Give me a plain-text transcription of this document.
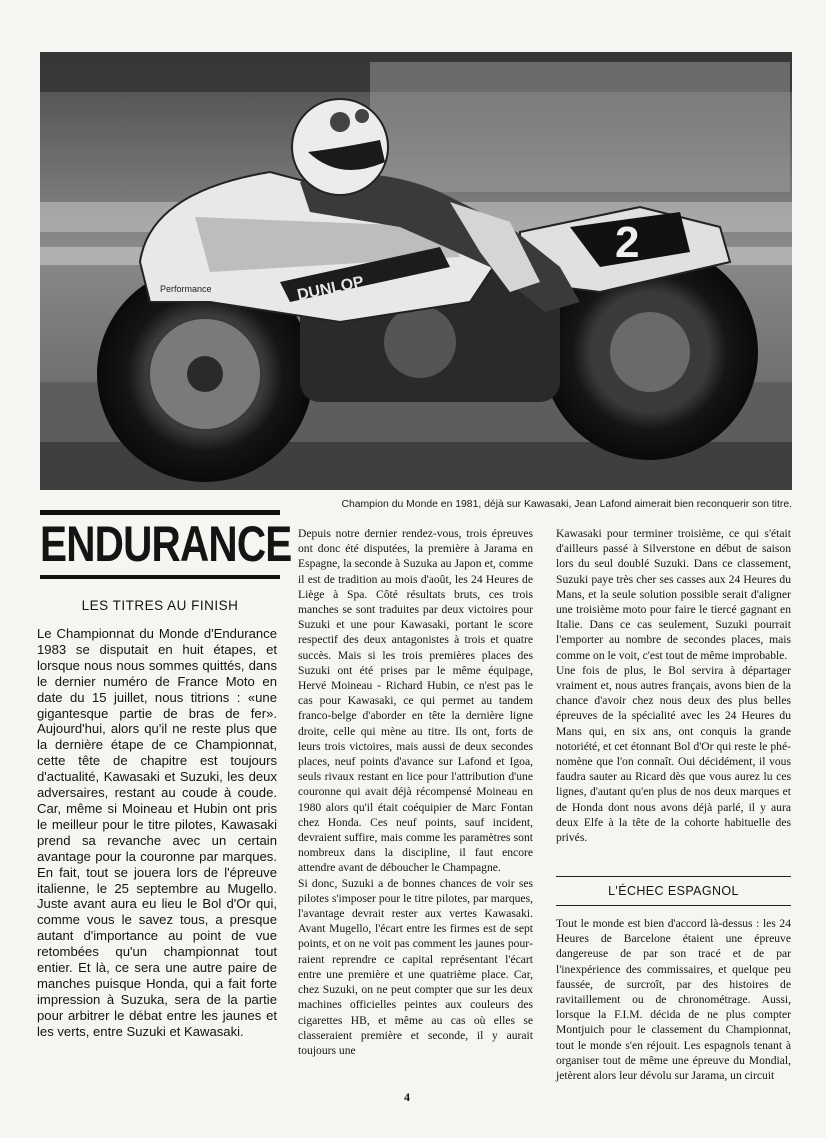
DUNLOP
Performance
2
Champion du Monde en 1981, déjà sur Kawasaki, Jean Lafond aimerait bien reconquerir son titre.
ENDURANCE
LES TITRES AU FINISH
Le Championnat du Monde d'Endurance 1983 se disputait en huit étapes, et lorsque nous nous sommes quittés, dans le dernier numéro de France Moto en date du 15 juillet, nous titrions : «une gigantesque partie de bras de fer». Aujourd'hui, alors qu'il ne reste plus que la dernière étape de ce Championnat, cette tête de chapitre est toujours d'actualité, Kawasaki et Suzuki, les deux adversaires, restant au coude à coude. Car, même si Moineau et Hubin ont pris le meilleur pour le titre pilotes, Kawasaki prend sa revanche avec un certain avantage pour la couronne par marques. En fait, tout se jouera lors de l'épreuve italienne, le 25 septembre au Mugello. Juste avant aura eu lieu le Bol d'Or qui, comme vous le savez tous, a presque autant d'importance au point de vue retombées qu'un championnat tout entier. Et là, ce sera une autre paire de manches puisque Honda, qui a fait forte impression à Suzuka, sera de la partie pour arbitrer le débat entre les jaunes et les verts, entre Suzuki et Kawasaki.
Depuis notre dernier rendez-vous, trois épreuves ont donc été disputées, la première à Jarama en Espagne, la seconde à Suzuka au Japon et, comme il est de tradition au mois d'août, les 24 Heures de Liège à Spa. Côté résultats bruts, ces trois manches se sont traduites par deux victoires pour Suzuki et une pour Kawasaki, portant le score respectif des deux antagonistes à trois et quatre succès. Mais si les trois premières places des Suzuki ont été prises par le même équipage, Hervé Moineau - Richard Hubin, ce n'est pas le cas pour Kawasaki, ce qui permet au tandem franco-belge d'aborder en tête la dernière ligne droite, celle qui mène au titre. Ils ont, forts de leurs trois victoires, mais aussi de deux secondes places, neuf points d'avance sur Lafond et Igoa, seuls rivaux restant en lice pour l'attribution d'une couronne qui avait déjà récompensé Moineau en 1980 alors qu'il était coéquipier de Marc Fontan chez Honda. Ces neuf points, sauf incident, devraient suffire, mais comme les paramètres sont nombreux dans la discipline, il faut encore attendre avant de déboucher le Champagne.
Si donc, Suzuki a de bonnes chances de voir ses pilotes s'imposer pour le titre pilotes, par marques, l'avantage devrait rester aux vertes Kawasaki. Avant Mugello, l'écart entre les firmes est de sept points, et on ne voit pas comment les jaunes pourraient reprendre ce capital représentant l'écart entre une première et une quatrième place. Car, chez Suzuki, on ne peut compter que sur les deux machines officielles peintes aux couleurs des cigarettes HB, et même au cas où elles se classeraient première et seconde, il y aurait toujours une
Kawasaki pour terminer troisième, ce qui s'était d'ailleurs passé à Silverstone en début de saison lors du seul doublé Suzuki. Dans ce classement, Suzuki paye très cher ses casses aux 24 Heures du Mans, et la seule solution possible serait d'aligner une troisième moto pour faire le tiercé gagnant en Italie. Dans ce cas seulement, Suzuki pourrait l'emporter au nombre de secondes places, mais comme on le voit, c'est tout de même improbable.
Une fois de plus, le Bol servira à départager vraiment et, nous autres français, avons bien de la chance d'avoir chez nous deux des plus belles épreuves de la spécialité avec les 24 Heures du Mans qui, en six ans, ont conquis la grande notoriété, et cet étonnant Bol d'Or qui reste le phénomène que l'on connaît. Oui décidément, il vous faudra sauter au Ricard dès que vous aurez lu ces lignes, d'autant qu'en plus de nos deux marques et de Honda dont nous avons déjà parlé, il y aura deux Elfe à la tête de la cohorte habituelle des privés.
L'ÉCHEC ESPAGNOL
Tout le monde est bien d'accord là-dessus : les 24 Heures de Barcelone étaient une épreuve dangereuse de par son tracé et de par l'inexpérience des commissaires, et quelque peu faussée, de surcroît, par des histoires de ravitaillement ou de chronométrage. Aussi, lorsque la F.I.M. décida de ne plus compter Montjuich pour le classement du Championnat, tout le monde s'en réjouit. Les espagnols tenant à organiser tout de même une épreuve du Mondial, jetèrent alors leur dévolu sur Jarama, un circuit
4
